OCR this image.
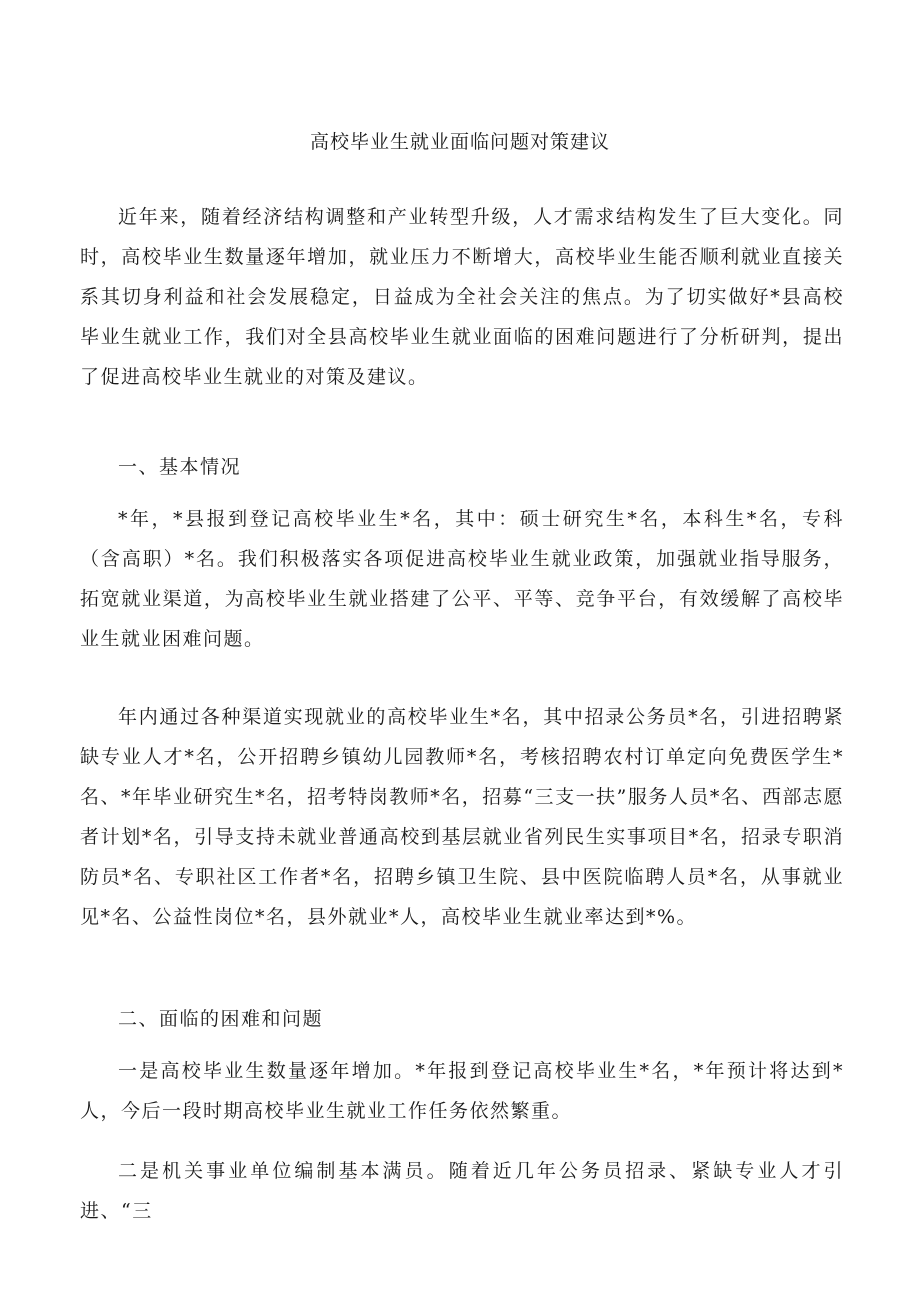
高校毕业生就业面临问题对策建议

近年来，随着经济结构调整和产业转型升级，人才需求结构发生了巨大变化。同时，高校毕业生数量逐年增加，就业压力不断增大，高校毕业生能否顺利就业直接关系其切身利益和社会发展稳定，日益成为全社会关注的焦点。为了切实做好*县高校毕业生就业工作，我们对全县高校毕业生就业面临的困难问题进行了分析研判，提出了促进高校毕业生就业的对策及建议。

一、基本情况

*年，*县报到登记高校毕业生*名，其中：硕士研究生*名，本科生*名，专科（含高职）*名。我们积极落实各项促进高校毕业生就业政策，加强就业指导服务，拓宽就业渠道，为高校毕业生就业搭建了公平、平等、竞争平台，有效缓解了高校毕业生就业困难问题。

年内通过各种渠道实现就业的高校毕业生*名，其中招录公务员*名，引进招聘紧缺专业人才*名，公开招聘乡镇幼儿园教师*名，考核招聘农村订单定向免费医学生*名、*年毕业研究生*名，招考特岗教师*名，招募“三支一扶”服务人员*名、西部志愿者计划*名，引导支持未就业普通高校到基层就业省列民生实事项目*名，招录专职消防员*名、专职社区工作者*名，招聘乡镇卫生院、县中医院临聘人员*名，从事就业见*名、公益性岗位*名，县外就业*人，高校毕业生就业率达到*%。

二、面临的困难和问题

一是高校毕业生数量逐年增加。*年报到登记高校毕业生*名，*年预计将达到*人，今后一段时期高校毕业生就业工作任务依然繁重。

二是机关事业单位编制基本满员。随着近几年公务员招录、紧缺专业人才引进、“三
